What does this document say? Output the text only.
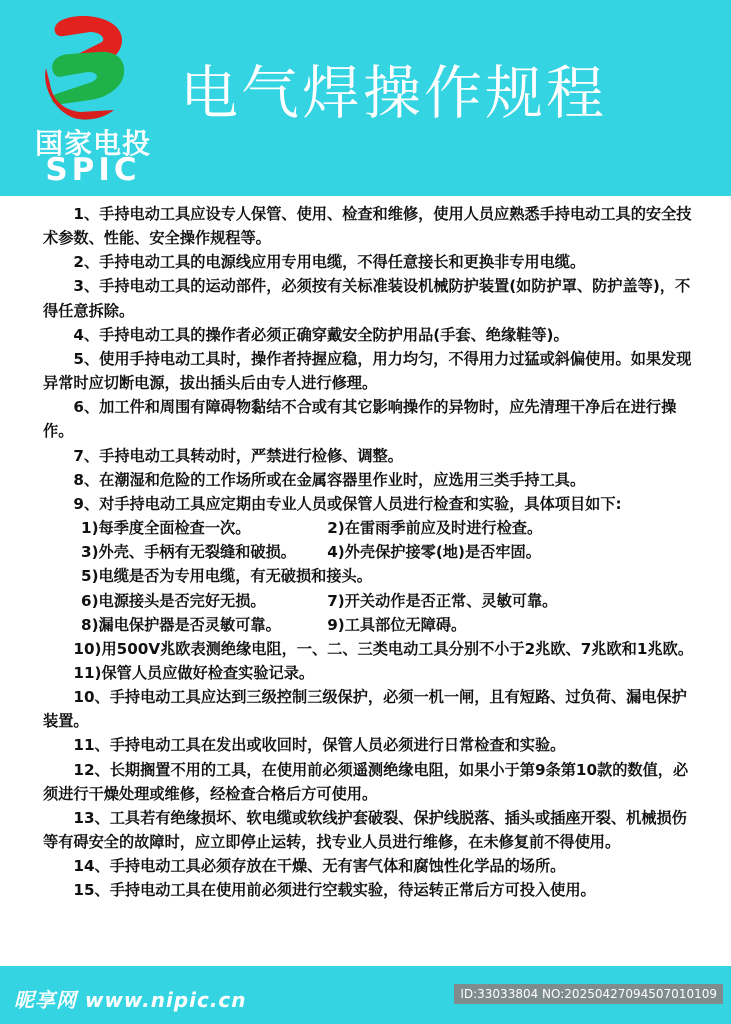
国家电投
SPIC
电气焊操作规程

1、手持电动工具应设专人保管、使用、检查和维修，使用人员应熟悉手持电动工具的安全技术参数、性能、安全操作规程等。

2、手持电动工具的电源线应用专用电缆，不得任意接长和更换非专用电缆。

3、手持电动工具的运动部件，必须按有关标准装设机械防护装置(如防护罩、防护盖等)，不得任意拆除。

4、手持电动工具的操作者必须正确穿戴安全防护用品(手套、绝缘鞋等)。

5、使用手持电动工具时，操作者持握应稳，用力均匀，不得用力过猛或斜偏使用。如果发现异常时应切断电源，拔出插头后由专人进行修理。

6、加工件和周围有障碍物黏结不合或有其它影响操作的异物时，应先清理干净后在进行操作。

7、手持电动工具转动时，严禁进行检修、调整。

8、在潮湿和危险的工作场所或在金属容器里作业时，应选用三类手持工具。

9、对手持电动工具应定期由专业人员或保管人员进行检查和实验，具体项目如下:

1)每季度全面检查一次。	2)在雷雨季前应及时进行检查。

3)外壳、手柄有无裂缝和破损。 4)外壳保护接零(地)是否牢固。

5)电缆是否为专用电缆，有无破损和接头。

6)电源接头是否完好无损。	7)开关动作是否正常、灵敏可靠。

8)漏电保护器是否灵敏可靠。	9)工具部位无障碍。

10)用500V兆欧表测绝缘电阻，一、二、三类电动工具分别不小于2兆欧、7兆欧和1兆欧。

11)保管人员应做好检查实验记录。

10、手持电动工具应达到三级控制三级保护，必须一机一闸，且有短路、过负荷、漏电保护装置。

11、手持电动工具在发出或收回时，保管人员必须进行日常检查和实验。

12、长期搁置不用的工具，在使用前必须遥测绝缘电阻，如果小于第9条第10款的数值，必须进行干燥处理或维修，经检查合格后方可使用。

13、工具若有绝缘损坏、软电缆或软线护套破裂、保护线脱落、插头或插座开裂、机械损伤等有碍安全的故障时，应立即停止运转，找专业人员进行维修，在未修复前不得使用。

14、手持电动工具必须存放在干燥、无有害气体和腐蚀性化学品的场所。

15、手持电动工具在使用前必须进行空载实验，待运转正常后方可投入使用。

昵享网 www.nipic.cn	ID:33033804 NO:20250427094507010109
